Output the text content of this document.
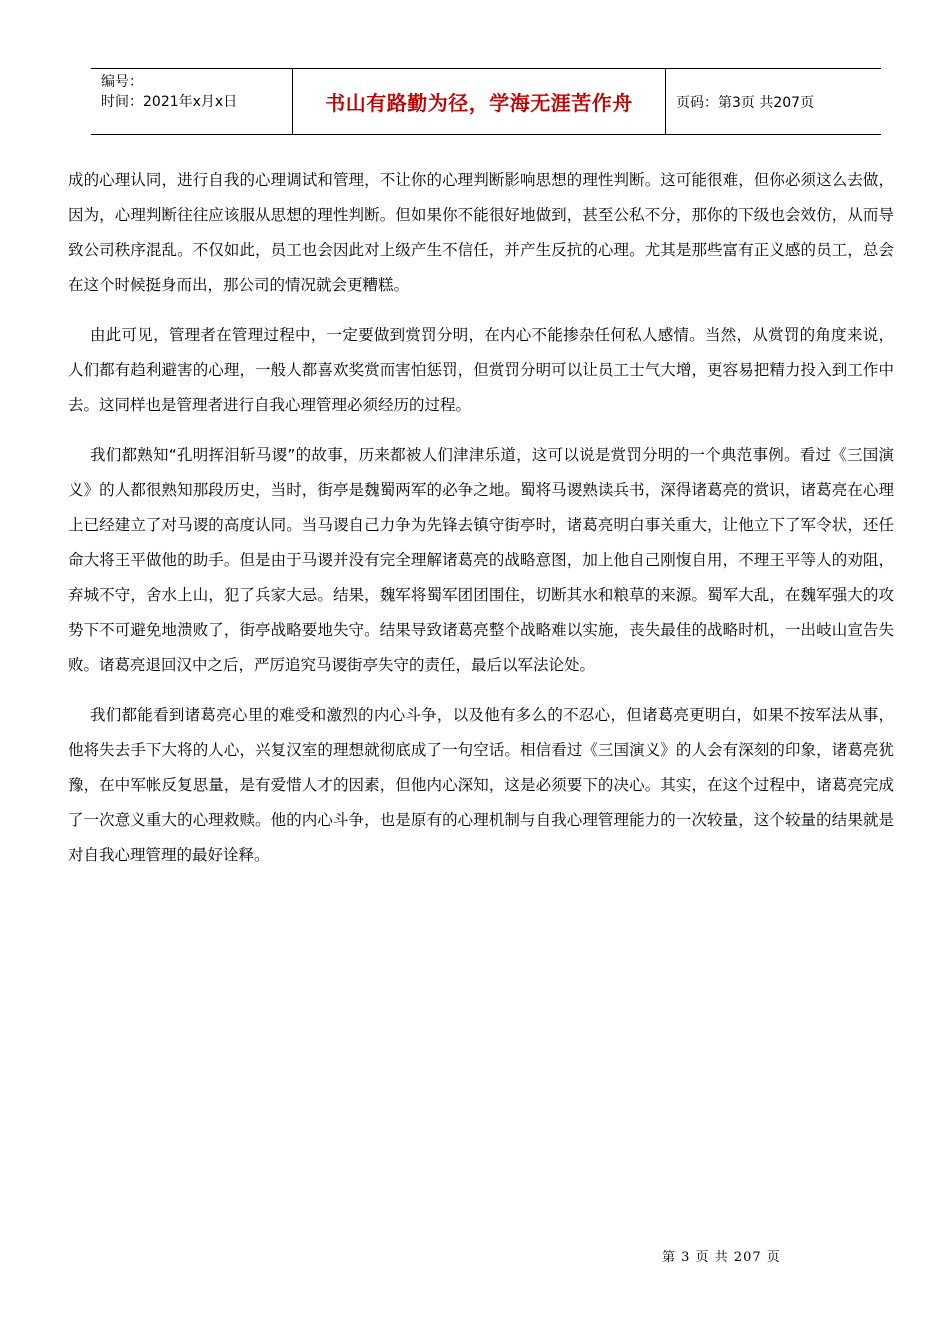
编号：
时间：2021年x月x日	书山有路勤为径，学海无涯苦作舟	页码：第3页 共207页

成的心理认同，进行自我的心理调试和管理，不让你的心理判断影响思想的理性判断。这可能很难，但你必须这么去做，因为，心理判断往往应该服从思想的理性判断。但如果你不能很好地做到，甚至公私不分，那你的下级也会效仿，从而导致公司秩序混乱。不仅如此，员工也会因此对上级产生不信任，并产生反抗的心理。尤其是那些富有正义感的员工，总会在这个时候挺身而出，那公司的情况就会更糟糕。

由此可见，管理者在管理过程中，一定要做到赏罚分明，在内心不能掺杂任何私人感情。当然，从赏罚的角度来说，人们都有趋利避害的心理，一般人都喜欢奖赏而害怕惩罚，但赏罚分明可以让员工士气大增，更容易把精力投入到工作中去。这同样也是管理者进行自我心理管理必须经历的过程。

我们都熟知“孔明挥泪斩马谡”的故事，历来都被人们津津乐道，这可以说是赏罚分明的一个典范事例。看过《三国演义》的人都很熟知那段历史，当时，街亭是魏蜀两军的必争之地。蜀将马谡熟读兵书，深得诸葛亮的赏识，诸葛亮在心理上已经建立了对马谡的高度认同。当马谡自己力争为先锋去镇守街亭时，诸葛亮明白事关重大，让他立下了军令状，还任命大将王平做他的助手。但是由于马谡并没有完全理解诸葛亮的战略意图，加上他自己刚愎自用，不理王平等人的劝阻，弃城不守，舍水上山，犯了兵家大忌。结果，魏军将蜀军团团围住，切断其水和粮草的来源。蜀军大乱，在魏军强大的攻势下不可避免地溃败了，街亭战略要地失守。结果导致诸葛亮整个战略难以实施，丧失最佳的战略时机，一出岐山宣告失败。诸葛亮退回汉中之后，严厉追究马谡街亭失守的责任，最后以军法论处。

我们都能看到诸葛亮心里的难受和激烈的内心斗争，以及他有多么的不忍心，但诸葛亮更明白，如果不按军法从事，他将失去手下大将的人心，兴复汉室的理想就彻底成了一句空话。相信看过《三国演义》的人会有深刻的印象，诸葛亮犹豫，在中军帐反复思量，是有爱惜人才的因素，但他内心深知，这是必须要下的决心。其实，在这个过程中，诸葛亮完成了一次意义重大的心理救赎。他的内心斗争，也是原有的心理机制与自我心理管理能力的一次较量，这个较量的结果就是对自我心理管理的最好诠释。

第 3 页 共 207 页
